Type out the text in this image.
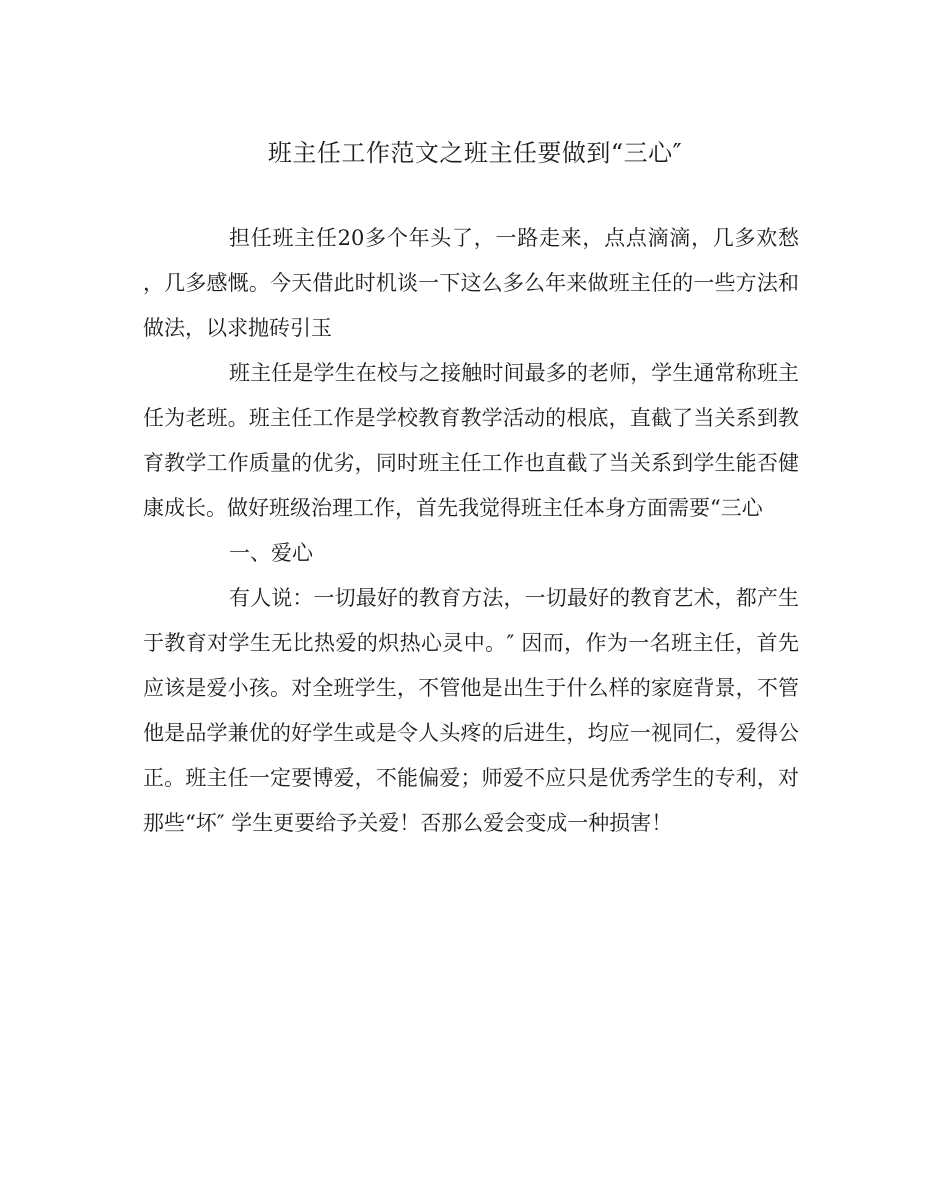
班主任工作范文之班主任要做到“三心″

担任班主任20多个年头了，一路走来，点点滴滴，几多欢愁，几多感慨。今天借此时机谈一下这么多么年来做班主任的一些方法和做法，以求抛砖引玉

班主任是学生在校与之接触时间最多的老师，学生通常称班主任为老班。班主任工作是学校教育教学活动的根底，直截了当关系到教育教学工作质量的优劣，同时班主任工作也直截了当关系到学生能否健康成长。做好班级治理工作，首先我觉得班主任本身方面需要“三心

一、爱心

有人说：一切最好的教育方法，一切最好的教育艺术，都产生于教育对学生无比热爱的炽热心灵中。″ 因而，作为一名班主任，首先应该是爱小孩。对全班学生，不管他是出生于什么样的家庭背景，不管他是品学兼优的好学生或是令人头疼的后进生，均应一视同仁，爱得公正。班主任一定要博爱，不能偏爱；师爱不应只是优秀学生的专利，对那些“坏″ 学生更要给予关爱！否那么爱会变成一种损害！
